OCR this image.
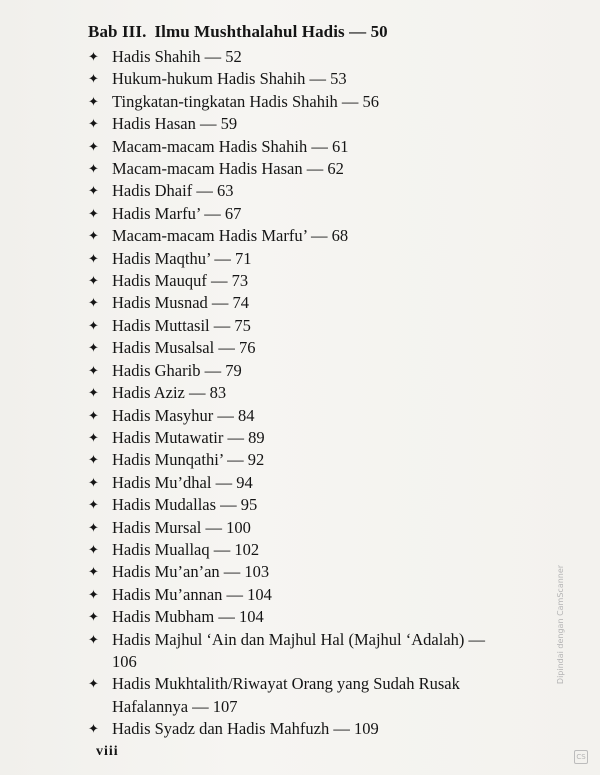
Bab III. Ilmu Mushthalahul Hadis — 50
✦ Hadis Shahih — 52
✦ Hukum-hukum Hadis Shahih — 53
✦ Tingkatan-tingkatan Hadis Shahih — 56
✦ Hadis Hasan — 59
✦ Macam-macam Hadis Shahih — 61
✦ Macam-macam Hadis Hasan — 62
✦ Hadis Dhaif — 63
✦ Hadis Marfu’ — 67
✦ Macam-macam Hadis Marfu’ — 68
✦ Hadis Maqthu’ — 71
✦ Hadis Mauquf — 73
✦ Hadis Musnad — 74
✦ Hadis Muttasil — 75
✦ Hadis Musalsal — 76
✦ Hadis Gharib — 79
✦ Hadis Aziz — 83
✦ Hadis Masyhur — 84
✦ Hadis Mutawatir — 89
✦ Hadis Munqathi’ — 92
✦ Hadis Mu’dhal — 94
✦ Hadis Mudallas — 95
✦ Hadis Mursal — 100
✦ Hadis Muallaq — 102
✦ Hadis Mu’an’an — 103
✦ Hadis Mu’annan — 104
✦ Hadis Mubham — 104
✦ Hadis Majhul ‘Ain dan Majhul Hal (Majhul ‘Adalah) — 106
✦ Hadis Mukhtalith/Riwayat Orang yang Sudah Rusak Hafalannya — 107
✦ Hadis Syadz dan Hadis Mahfuzh — 109
viii
Dipindai dengan CamScanner
CS
